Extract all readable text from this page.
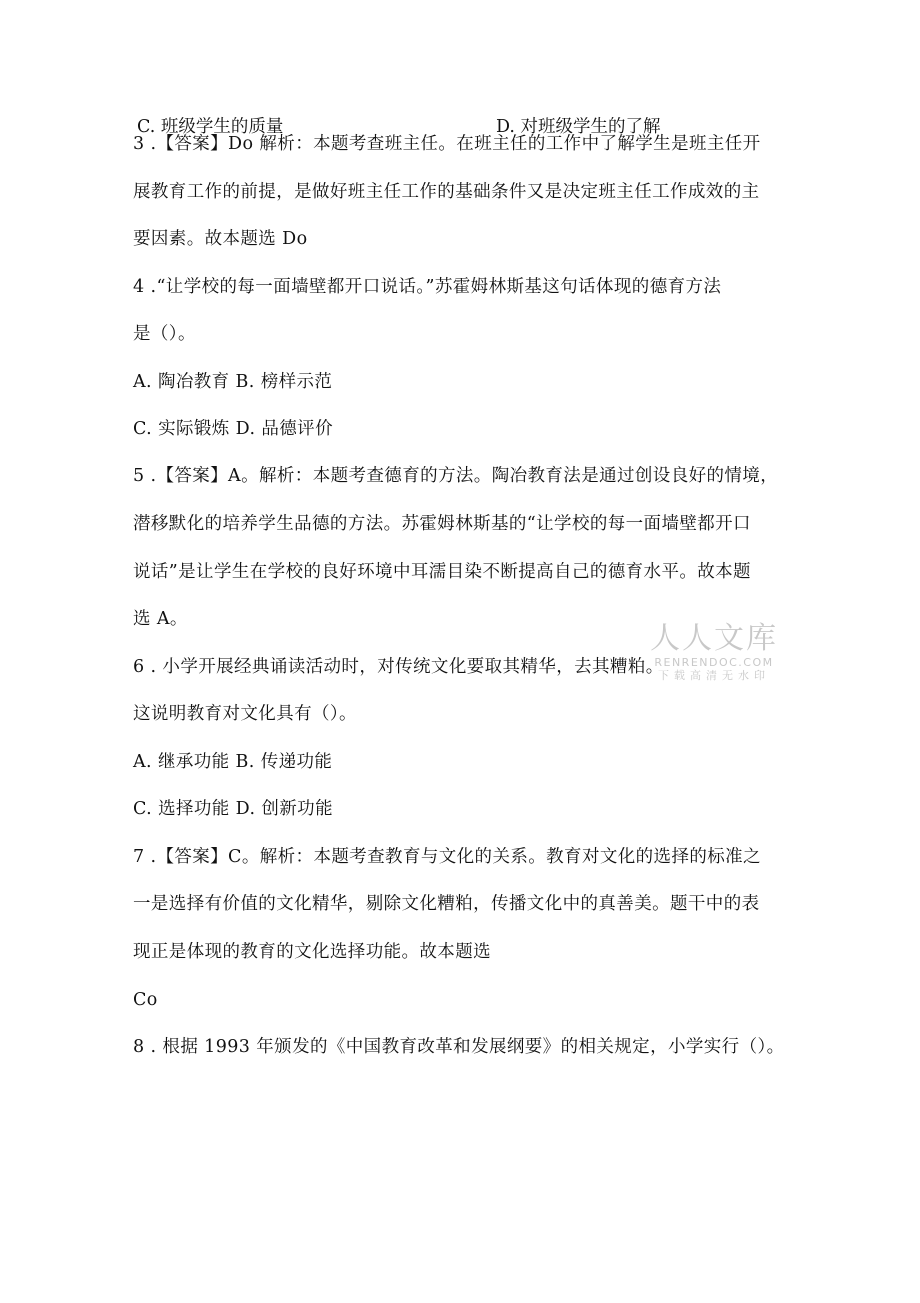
C. 班级学生的质量	D. 对班级学生的了解
3 .【答案】Do 解析：本题考查班主任。在班主任的工作中了解学生是班主任开
展教育工作的前提，是做好班主任工作的基础条件又是决定班主任工作成效的主
要因素。故本题选 Do
4 .“让学校的每一面墙壁都开口说话。”苏霍姆林斯基这句话体现的德育方法
是（）。
A. 陶冶教育 B. 榜样示范
C. 实际锻炼 D. 品德评价
5 .【答案】A。解析：本题考查德育的方法。陶冶教育法是通过创设良好的情境，
潜移默化的培养学生品德的方法。苏霍姆林斯基的“让学校的每一面墙壁都开口
说话”是让学生在学校的良好环境中耳濡目染不断提高自己的德育水平。故本题
选 A。
6 . 小学开展经典诵读活动时，对传统文化要取其精华，去其糟粕。
这说明教育对文化具有（）。
A. 继承功能 B. 传递功能
C. 选择功能 D. 创新功能
7 .【答案】C。解析：本题考查教育与文化的关系。教育对文化的选择的标准之
一是选择有价值的文化精华，剔除文化糟粕，传播文化中的真善美。题干中的表
现正是体现的教育的文化选择功能。故本题选
Co
8 . 根据 1993 年颁发的《中国教育改革和发展纲要》的相关规定，小学实行（）。
人人文库
RENRENDOC.COM
下载高清无水印
